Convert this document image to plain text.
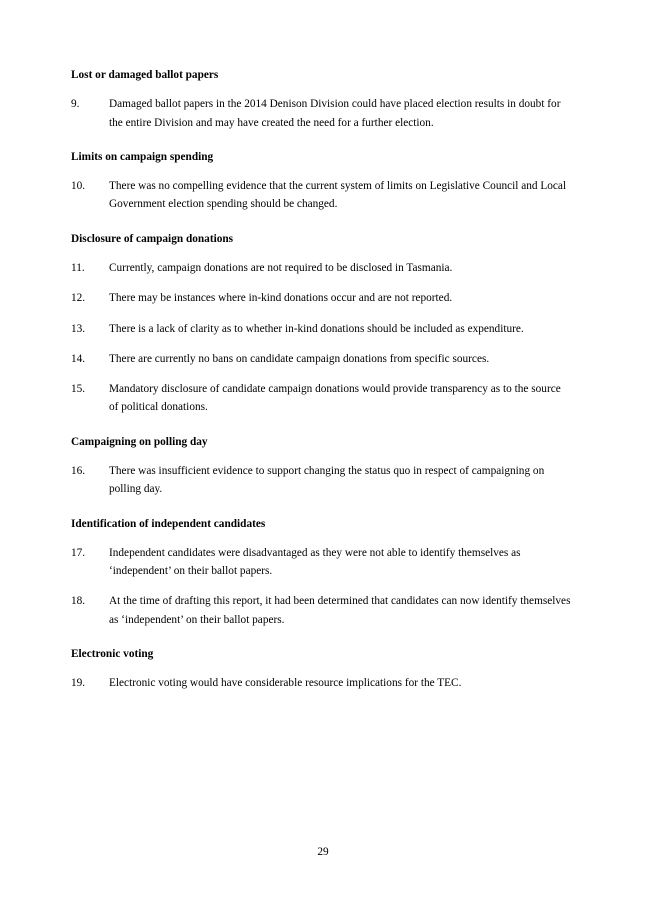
Lost or damaged ballot papers
9.	Damaged ballot papers in the 2014 Denison Division could have placed election results in doubt for the entire Division and may have created the need for a further election.
Limits on campaign spending
10.	There was no compelling evidence that the current system of limits on Legislative Council and Local Government election spending should be changed.
Disclosure of campaign donations
11.	Currently, campaign donations are not required to be disclosed in Tasmania.
12.	There may be instances where in-kind donations occur and are not reported.
13.	There is a lack of clarity as to whether in-kind donations should be included as expenditure.
14.	There are currently no bans on candidate campaign donations from specific sources.
15.	Mandatory disclosure of candidate campaign donations would provide transparency as to the source of political donations.
Campaigning on polling day
16.	There was insufficient evidence to support changing the status quo in respect of campaigning on polling day.
Identification of independent candidates
17.	Independent candidates were disadvantaged as they were not able to identify themselves as ‘independent’ on their ballot papers.
18.	At the time of drafting this report, it had been determined that candidates can now identify themselves as ‘independent’ on their ballot papers.
Electronic voting
19.	Electronic voting would have considerable resource implications for the TEC.
29
